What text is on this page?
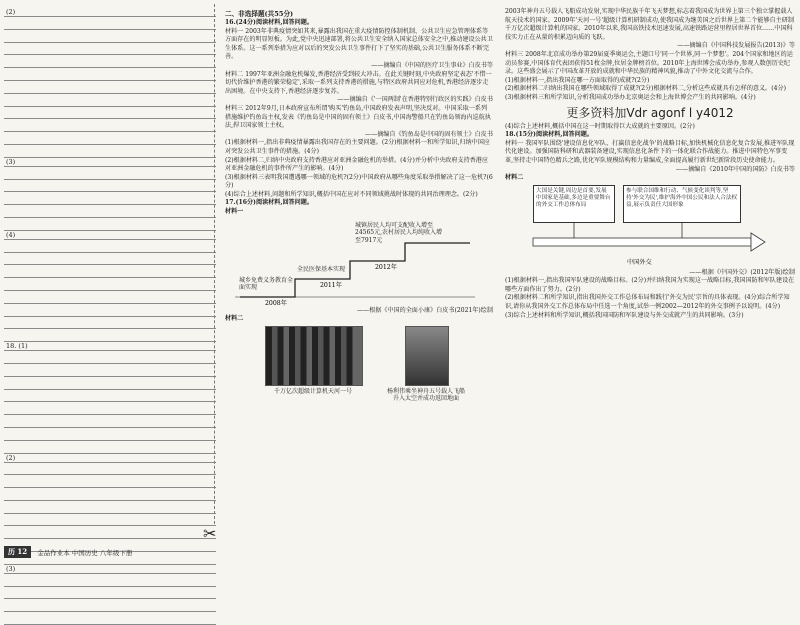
(2)

(3)

(4)

18. (1)

(2)

(3)

✂
历 12	金品作业本 中国历史 八年级下册

二、非选择题(共55分)

16.(24分)阅读材料,回答问题。

材料一 2003年非典疫情突如其来,暴露出我国在重大疫情防控体制机制、公共卫生应急管理体系等方面存在的明显短板。为此,党中央迅速部署,将公共卫生安全纳入国家总体安全之中,推动建设公共卫生体系。这一系列举措为应对以后的突发公共卫生事件打下了坚实的基础,公共卫生服务体系不断完善。

——摘编自《中国的医疗卫生事业》白皮书等

材料二 1997年亚洲金融危机爆发,香港经济受到较大冲击。在此关键时刻,中央政府坚定表态'不惜一切代价维护香港的繁荣稳定',采取一系列支持香港的措施,与特区政府共同应对危机,香港经济逐步走出困境。在中央支持下,香港经济逐步复苏。

——摘编自《'一国两制'在香港特别行政区的实践》白皮书

材料三 2012年9月,日本政府宣布所谓'购买'钓鱼岛,中国政府发表声明,坚决反对。中国采取一系列措施维护钓鱼岛主权,发表《钓鱼岛是中国的固有领土》白皮书,中国海警船只在钓鱼岛领海内巡航执法,捍卫国家领土主权。

——摘编自《钓鱼岛是中国的固有领土》白皮书

(1)根据材料一,指出非典疫情暴露出我国存在的主要问题。(2分)根据材料一和所学知识,归纳中国应对突发公共卫生事件的措施。(4分)

(2)根据材料二,归纳中央政府支持香港应对亚洲金融危机的举措。(4分)并分析中央政府支持香港应对亚洲金融危机的事件所产生的影响。(4分)

(3)根据材料三表明我国遭遇哪一领域的危机?(2分)中国政府从哪些角度采取举措解决了这一危机?(6分)

(4)综合上述材料,问题和所学知识,概括中国在应对不同领域挑战时体现的共同治理理念。(2分)

17.(16分)阅读材料,回答问题。

材料一

2008年
2011年
2012年
城乡免费义务教育全面实现
全民医保基本实现
城镇居民人均可支配收入增至24565元,农村居民人均纯收入增至7917元

——根据《中国的全面小康》白皮书(2021年)绘制

材料二

千万亿次超级计算机天河一号	杨利伟乘坐神舟五号载人飞船升入太空并成功返回地面

2003年神舟五号载人飞船成功发射,实现中华民族千年飞天梦想,标志着我国成为世界上第三个独立掌握载人航天技术的国家。2009年'天河一号'超级计算机研制成功,使我国成为继美国之后世界上第二个能够自主研制千万亿次超级计算机的国家。2010年以来,我国高铁技术迅速发展,高速铁路运营里程居世界首位……中国科技实力正在从量的积累迈向质的飞跃。

——摘编自《中国科技发展报告(2013)》等

材料三 2008年北京成功举办第29届夏季奥运会,主题口号'同一个世界,同一个梦想'。204个国家和地区的运动员参赛,中国体育代表团获得51枚金牌,位居金牌榜首位。2010年上海世博会成功举办,参观人数创历史纪录。这些盛会展示了中国改革开放的成就和中华民族的精神风貌,推动了中外文化交流与合作。

(1)根据材料一,指出我国在哪一方面取得的成就?(2分)

(2)根据材料二归纳出我国在哪些领域取得了成就?(2分)根据材料二,分析这些成就具有怎样的意义。(4分)

(3)根据材料三和所学知识,分析我国成功举办北京奥运会和上海世博会产生的共同影响。(4分)

更多资料加Vdr agonf l y4012

(4)综合上述材料,概括中国在这一时期取得巨大成就的主要原因。(2分)

18.(15分)阅读材料,回答问题。

材料一 我国军队围绕'建设信息化军队、打赢信息化战争'的战略目标,加快机械化信息化复合发展,推进军队现代化建设。加强国防科研和武器装备建设,实现信息化条件下的一体化联合作战能力。推进中国特色军事变革,坚持走中国特色精兵之路,优化军队规模结构和力量编成,全面提高履行新世纪新阶段历史使命能力。

——摘编自《2010年中国的国防》白皮书等

材料二

大国是关键,周边是首要,发展中国家是基础,多边是重要舞台的外交工作总体布局
参与联合国维和行动、气候变化谈判等,坚持'外交为民',维护海外中国公民和法人合法权益,展示负责任大国形象
中国外交

——根据《中国外交》(2012年版)绘制

(1)根据材料一,指出我国军队建设的战略目标。(2分)并归纳我国为实现这一战略目标,我国国防和军队建设在哪些方面作出了努力。(2分)

(2)根据材料二和所学知识,指出我国外交工作总体布局和践行'外交为民'宗旨的具体表现。(4分)综合所学知识,请你从我国外交工作总体布局中任选一个角度,试举一例2002—2012年的外交事例予以说明。(4分)

(3)综合上述材料和所学知识,概括我国国防和军队建设与外交成就产生的共同影响。(3分)
